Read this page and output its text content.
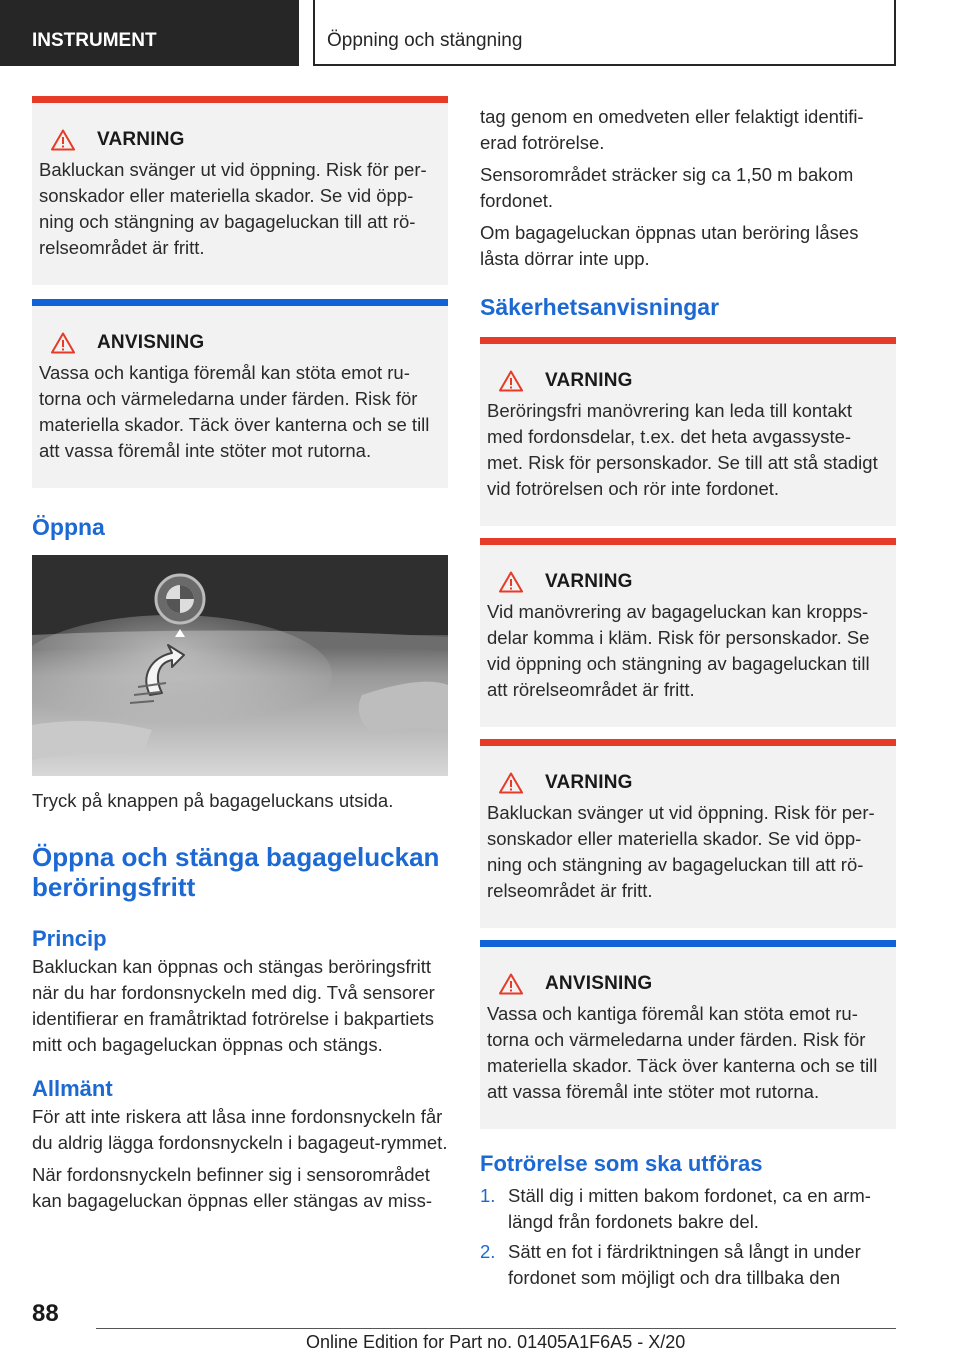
INSTRUMENT	Öppning och stängning
VARNING
Bakluckan svänger ut vid öppning. Risk för per-sonskador eller materiella skador. Se vid öpp-ning och stängning av bagageluckan till att rö-relseområdet är fritt.
ANVISNING
Vassa och kantiga föremål kan stöta emot ru-torna och värmeledarna under färden. Risk för materiella skador. Täck över kanterna och se till att vassa föremål inte stöter mot rutorna.
Öppna

Tryck på knappen på bagageluckans utsida.

Öppna och stänga bagageluckan beröringsfritt
Princip

Bakluckan kan öppnas och stängas beröringsfritt när du har fordonsnyckeln med dig. Två sensorer identifierar en framåtriktad fotrörelse i bakpartiets mitt och bagageluckan öppnas och stängs.

Allmänt

För att inte riskera att låsa inne fordonsnyckeln får du aldrig lägga fordonsnyckeln i bagageut-rymmet.

När fordonsnyckeln befinner sig i sensorområdet kan bagageluckan öppnas eller stängas av miss-

tag genom en omedveten eller felaktigt identifi-erad fotrörelse.

Sensorområdet sträcker sig ca 1,50 m bakom fordonet.

Om bagageluckan öppnas utan beröring låses låsta dörrar inte upp.

Säkerhetsanvisningar
VARNING
Beröringsfri manövrering kan leda till kontakt med fordonsdelar, t.ex. det heta avgassyste-met. Risk för personskador. Se till att stå stadigt vid fotrörelsen och rör inte fordonet.
VARNING
Vid manövrering av bagageluckan kan kropps-delar komma i kläm. Risk för personskador. Se vid öppning och stängning av bagageluckan till att rörelseområdet är fritt.
VARNING
Bakluckan svänger ut vid öppning. Risk för per-sonskador eller materiella skador. Se vid öpp-ning och stängning av bagageluckan till att rö-relseområdet är fritt.
ANVISNING
Vassa och kantiga föremål kan stöta emot ru-torna och värmeledarna under färden. Risk för materiella skador. Täck över kanterna och se till att vassa föremål inte stöter mot rutorna.
Fotrörelse som ska utföras
1. Ställ dig i mitten bakom fordonet, ca en arm-längd från fordonets bakre del.
2. Sätt en fot i färdriktningen så långt in under fordonet som möjligt och dra tillbaka den
88
Online Edition for Part no. 01405A1F6A5 - X/20
